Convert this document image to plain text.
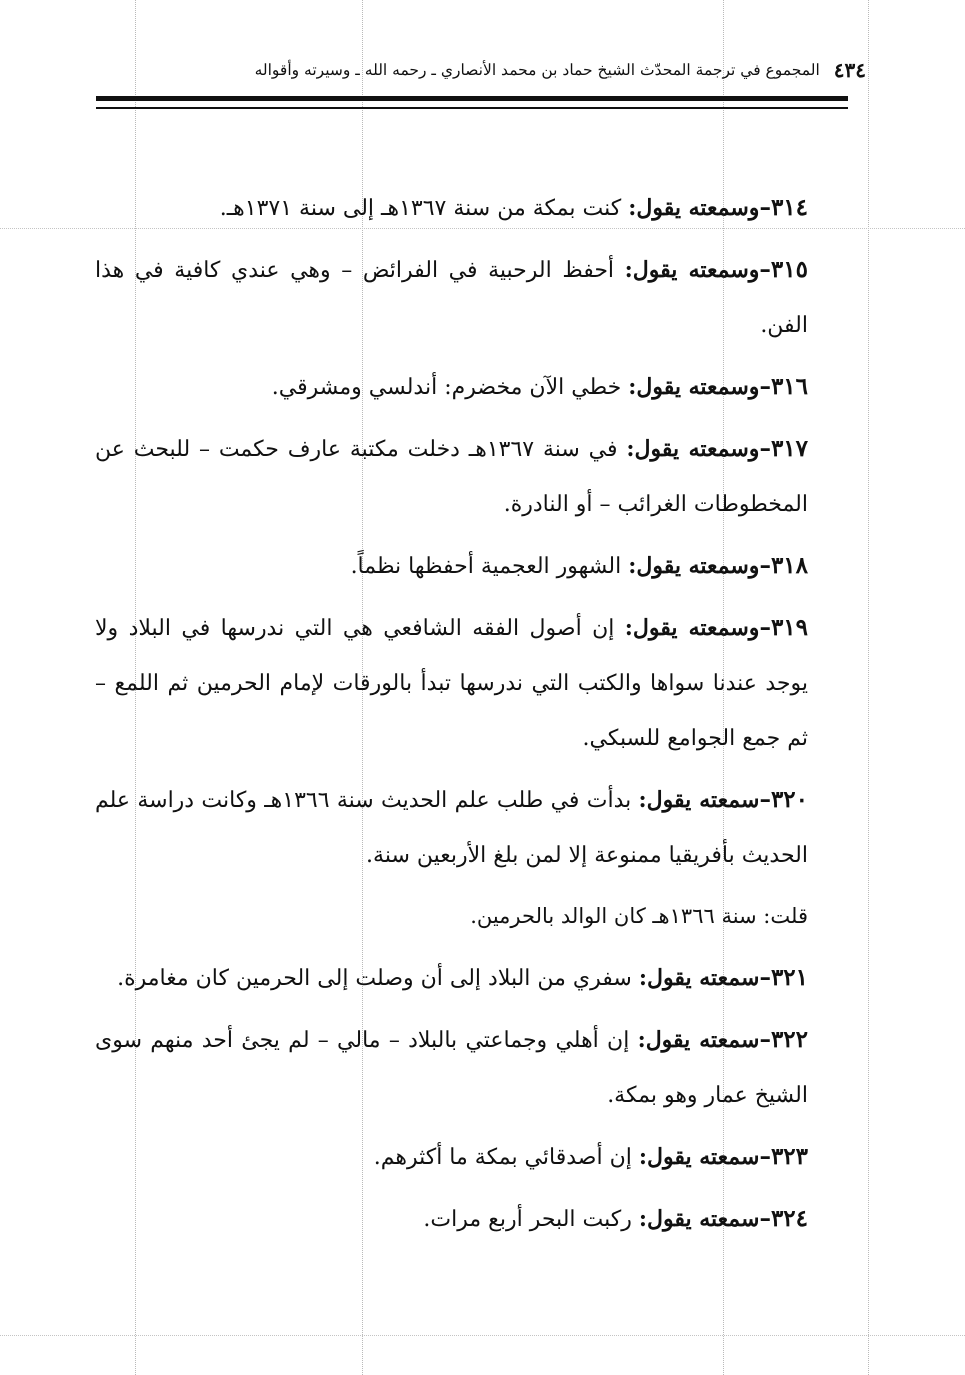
٤٣٤
المجموع في ترجمة المحدّث الشيخ حماد بن محمد الأنصاري ـ رحمه الله ـ وسيرته وأقواله

٣١٤–وسمعته يقول: كنت بمكة من سنة ١٣٦٧هـ إلى سنة ١٣٧١هـ.

٣١٥–وسمعته يقول: أحفظ الرحبية في الفرائض – وهي عندي كافية في هذا الفن.

٣١٦–وسمعته يقول: خطي الآن مخضرم: أندلسي ومشرقي.

٣١٧–وسمعته يقول: في سنة ١٣٦٧هـ دخلت مكتبة عارف حكمت – للبحث عن المخطوطات الغرائب – أو النادرة.

٣١٨–وسمعته يقول: الشهور العجمية أحفظها نظماً.

٣١٩–وسمعته يقول: إن أصول الفقه الشافعي هي التي ندرسها في البلاد ولا يوجد عندنا سواها والكتب التي ندرسها تبدأ بالورقات لإمام الحرمين ثم اللمع – ثم جمع الجوامع للسبكي.

٣٢٠–سمعته يقول: بدأت في طلب علم الحديث سنة ١٣٦٦هـ وكانت دراسة علم الحديث بأفريقيا ممنوعة إلا لمن بلغ الأربعين سنة.

قلت: سنة ١٣٦٦هـ كان الوالد بالحرمين.

٣٢١–سمعته يقول: سفري من البلاد إلى أن وصلت إلى الحرمين كان مغامرة.

٣٢٢–سمعته يقول: إن أهلي وجماعتي بالبلاد – مالي – لم يجئ أحد منهم سوى الشيخ عمار وهو بمكة.

٣٢٣–سمعته يقول: إن أصدقائي بمكة ما أكثرهم.

٣٢٤–سمعته يقول: ركبت البحر أربع مرات.
